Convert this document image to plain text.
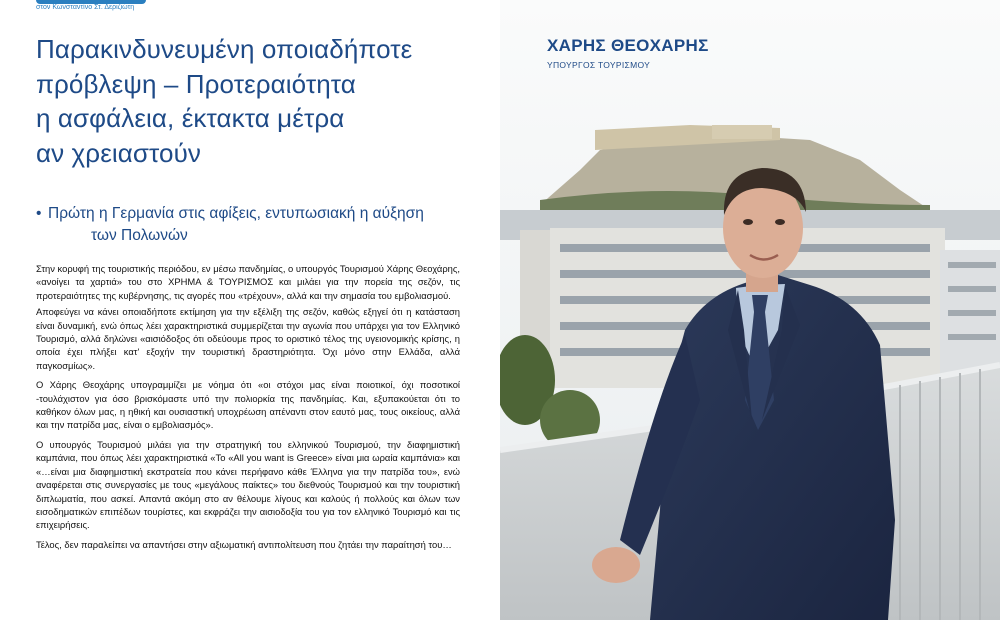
στον Κωνσταντίνο Στ. Δεριζιώτη
Παρακινδυνευμένη οποιαδήποτε
πρόβλεψη – Προτεραιότητα
η ασφάλεια, έκτακτα μέτρα
αν χρειαστούν
• Πρώτη η Γερμανία στις αφίξεις, εντυπωσιακή η αύξηση
των Πολωνών

Στην κορυφή της τουριστικής περιόδου, εν μέσω πανδημίας, ο υπουργός Τουρισμού Χάρης Θεοχάρης, «ανοίγει τα χαρτιά» του στο ΧΡΗΜΑ & ΤΟΥΡΙΣΜΟΣ και μιλάει για την πορεία της σεζόν, τις προτεραιότητες της κυβέρνησης, τις αγορές που «τρέχουν», αλλά και την σημασία του εμβολιασμού.

Αποφεύγει να κάνει οποιαδήποτε εκτίμηση για την εξέλιξη της σεζόν, καθώς εξηγεί ότι η κατάσταση είναι δυναμική, ενώ όπως λέει χαρακτηριστικά συμμερίζεται την αγωνία που υπάρχει για τον Ελληνικό Τουρισμό, αλλά δηλώνει «αισιόδοξος ότι οδεύουμε προς το οριστικό τέλος της υγειονομικής κρίσης, η οποία έχει πλήξει κατ' εξοχήν την τουριστική δραστηριότητα. Όχι μόνο στην Ελλάδα, αλλά παγκοσμίως».

Ο Χάρης Θεοχάρης υπογραμμίζει με νόημα ότι «οι στόχοι μας είναι ποιοτικοί, όχι ποσοτικοί -τουλάχιστον για όσο βρισκόμαστε υπό την πολιορκία της πανδημίας. Και, εξυπακούεται ότι το καθήκον όλων μας, η ηθική και ουσιαστική υποχρέωση απέναντι στον εαυτό μας, τους οικείους, αλλά και την πατρίδα μας, είναι ο εμβολιασμός».

Ο υπουργός Τουρισμού μιλάει για την στρατηγική του ελληνικού Τουρισμού, την διαφημιστική καμπάνια, που όπως λέει χαρακτηριστικά «Το «All you want is Greece» είναι μια ωραία καμπάνια» και «…είναι μια διαφημιστική εκστρατεία που κάνει περήφανο κάθε Έλληνα για την πατρίδα του», ενώ αναφέρεται στις συνεργασίες με τους «μεγάλους παίκτες» του διεθνούς Τουρισμού και την τουριστική διπλωματία, που ασκεί. Απαντά ακόμη στο αν θέλουμε λίγους και καλούς ή πολλούς και όλων των εισοδηματικών επιπέδων τουρίστες, και εκφράζει την αισιοδοξία του για τον ελληνικό Τουρισμό και τις επιχειρήσεις.

Τέλος, δεν παραλείπει να απαντήσει στην αξιωματική αντιπολίτευση που ζητάει την παραίτησή του…

ΧΑΡΗΣ ΘΕΟΧΑΡΗΣ
ΥΠΟΥΡΓΟΣ ΤΟΥΡΙΣΜΟΥ
